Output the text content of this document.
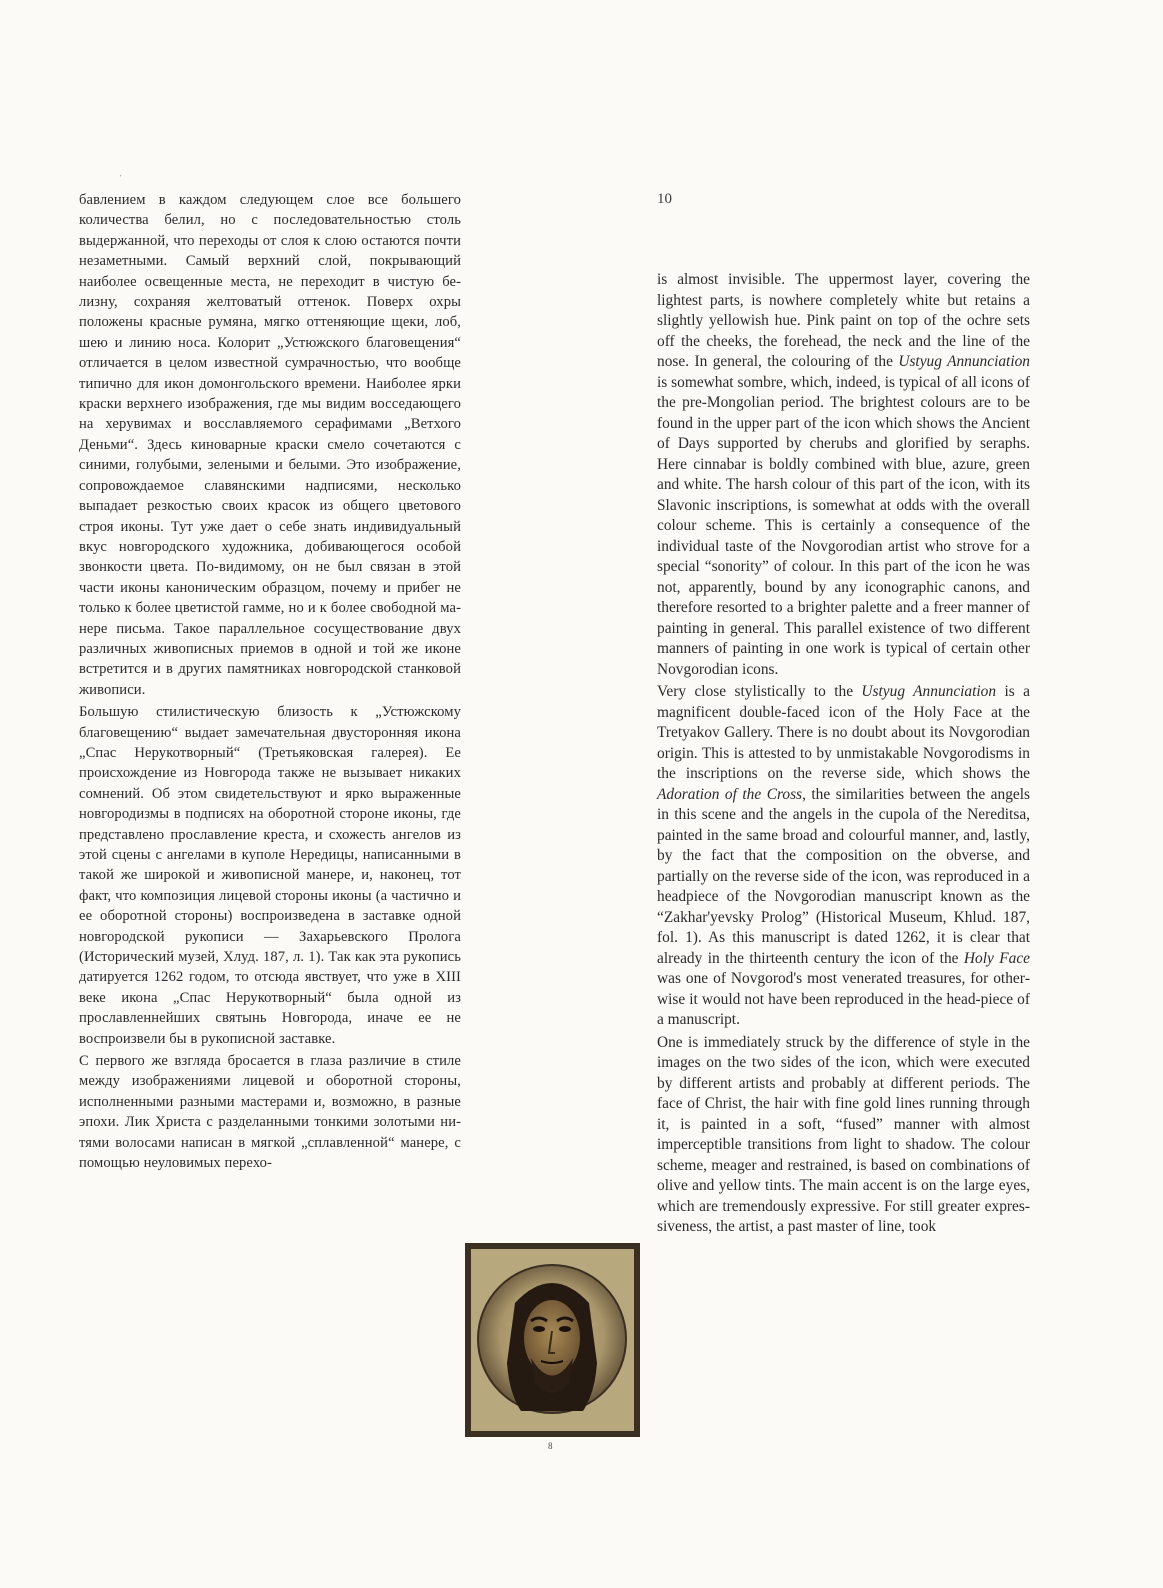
'

бавлением в каждом следующем слое все большего количества белил, но с последовательностью столь выдержанной, что переходы от слоя к слою остаются почти незаметными. Самый верхний слой, покрывающий наиболее освещенные места, не переходит в чистую белизну, сохраняя желтоватый оттенок. Поверх охры положены красные румяна, мягко оттеняющие щеки, лоб, шею и линию носа. Колорит „Устюжского благовещения“ отличается в целом известной сумрачностью, что вообще типично для икон домонгольского времени. Наиболее ярки краски верхнего изображения, где мы видим восседающего на херувимах и восславляемого серафимами „Ветхого Деньми“. Здесь киноварные краски смело сочетаются с синими, голубыми, зелеными и белыми. Это изображение, сопровождаемое славянскими надписями, несколько выпадает резкостью своих красок из общего цветового строя иконы. Тут уже дает о себе знать индивидуальный вкус новгородского художника, добивающегося особой звонкости цвета. По-видимому, он не был связан в этой части иконы каноническим образцом, почему и прибег не только к более цветистой гамме, но и к более свободной манере письма. Такое параллельное сосуществование двух различных живописных приемов в одной и той же иконе встретится и в других памятниках новгородской станковой живописи.

Большую стилистическую близость к „Устюжскому благовещению“ выдает замечательная двусторонняя икона „Спас Нерукотворный“ (Третьяковская галерея). Ее происхождение из Новгорода также не вызывает никаких сомнений. Об этом свидетельствуют и ярко выраженные новгородизмы в подписях на оборотной стороне иконы, где представлено прославление креста, и схожесть ангелов из этой сцены с ангелами в куполе Нередицы, написанными в такой же широкой и живописной манере, и, наконец, тот факт, что композиция лицевой стороны иконы (а частично и ее оборотной стороны) воспроизведена в заставке одной новгородской рукописи — Захарьевского Пролога (Исторический музей, Хлуд. 187, л. 1). Так как эта рукопись датируется 1262 годом, то отсюда явствует, что уже в XIII веке икона „Спас Нерукотворный“ была одной из прославленнейших святынь Новгорода, иначе ее не воспроизвели бы в рукописной заставке.

С первого же взгляда бросается в глаза различие в стиле между изображениями лицевой и оборотной стороны, исполненными разными мастерами и, возможно, в разные эпохи. Лик Христа с разделанными тонкими золотыми нитями волосами написан в мягкой „сплавленной“ манере, с помощью неуловимых перехо-

10

is almost invisible. The uppermost layer, covering the lightest parts, is nowhere completely white but retains a slightly yellowish hue. Pink paint on top of the ochre sets off the cheeks, the forehead, the neck and the line of the nose. In general, the colouring of the Ustyug Annunciation is somewhat sombre, which, indeed, is typical of all icons of the pre-Mongolian period. The brightest colours are to be found in the upper part of the icon which shows the Ancient of Days supported by cherubs and glorified by seraphs. Here cinnabar is boldly combined with blue, azure, green and white. The harsh colour of this part of the icon, with its Slavonic inscriptions, is somewhat at odds with the overall colour scheme. This is certainly a consequence of the individual taste of the Novgorodian artist who strove for a special “sonority” of colour. In this part of the icon he was not, apparently, bound by any iconographic canons, and therefore resorted to a brighter palette and a freer manner of painting in general. This parallel existence of two different manners of painting in one work is typical of certain other Novgorodian icons.

Very close stylistically to the Ustyug Annunciation is a magnificent double-faced icon of the Holy Face at the Tretyakov Gallery. There is no doubt about its Novgorodian origin. This is attested to by unmistakable Novgorodisms in the inscriptions on the reverse side, which shows the Adoration of the Cross, the similarities between the angels in this scene and the angels in the cupola of the Nereditsa, painted in the same broad and colourful manner, and, lastly, by the fact that the composition on the obverse, and partially on the reverse side of the icon, was reproduced in a headpiece of the Novgorodian manuscript known as the “Zakhar'yevsky Prolog” (Historical Museum, Khlud. 187, fol. 1). As this manuscript is dated 1262, it is clear that already in the thirteenth century the icon of the Holy Face was one of Novgorod's most venerated treasures, for otherwise it would not have been reproduced in the head-piece of a manuscript.

One is immediately struck by the difference of style in the images on the two sides of the icon, which were executed by different artists and probably at different periods. The face of Christ, the hair with fine gold lines running through it, is painted in a soft, “fused” manner with almost imperceptible transitions from light to shadow. The colour scheme, meager and restrained, is based on combinations of olive and yellow tints. The main accent is on the large eyes, which are tremendously expressive. For still greater expressiveness, the artist, a past master of line, took

8
